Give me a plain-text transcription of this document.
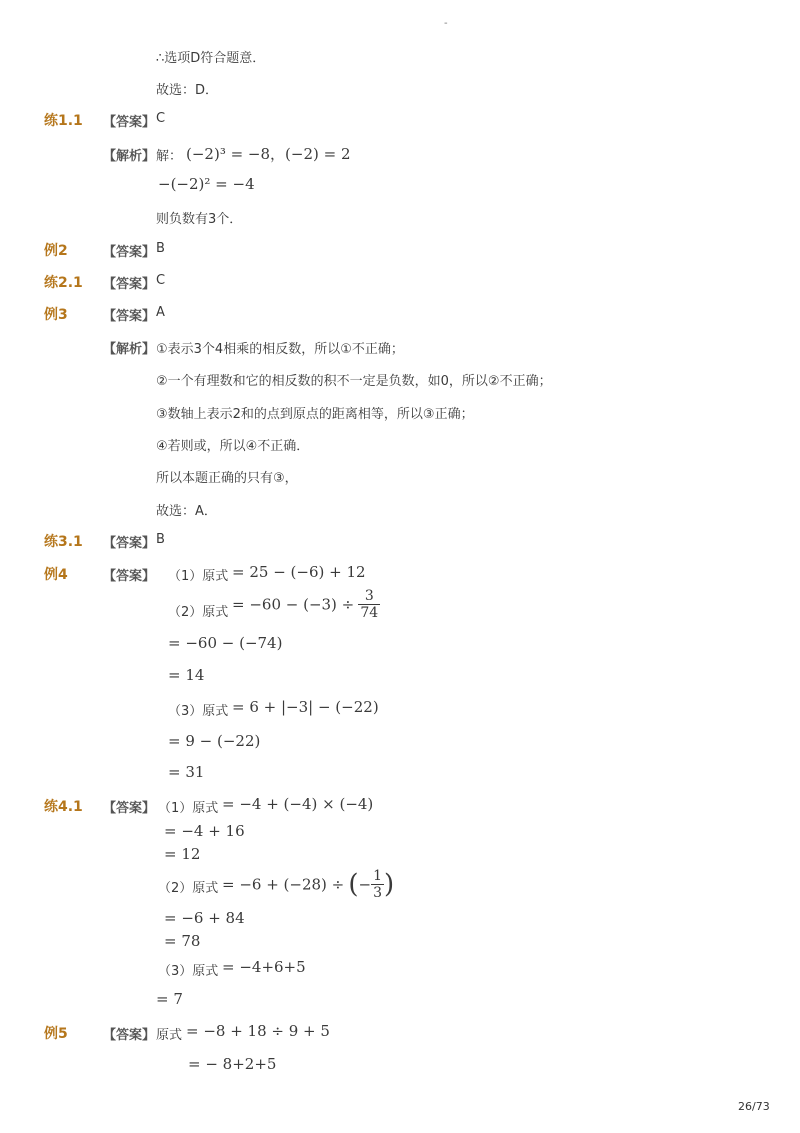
-
∴选项D符合题意．
故选：D．
练1.1 【答案】 C
【解析】 解： (−2)³ = −8，(−2) = 2
−(−2)² = −4
则负数有3个．
例2	【答案】 B
练2.1 【答案】 C
例3	【答案】 A
【解析】 ①表示3个4相乘的相反数，所以①不正确；
②一个有理数和它的相反数的积不一定是负数，如0，所以②不正确；
③数轴上表示2和的点到原点的距离相等，所以③正确；
④若则或，所以④不正确．
所以本题正确的只有③，
故选：A．
练3.1 【答案】 B
例4	【答案】 （1）原式 = 25 − (−6) + 12
（2）原式 = $-60 - (-3) \div \frac{3}{74}$
= −60 − (−74)
= 14
（3）原式 = 6 + |−3| − (−22)
= 9 − (−22)
= 31
练4.1 【答案】 （1）原式 = −4 + (−4) × (−4)
= −4 + 16
= 12
（2）原式 = −6 + (−28) ÷ (− $\frac{1}{3}$ )
= −6 + 84
= 78
（3）原式 = −4+6+5
= 7
例5	【答案】 原式 = −8 + 18 ÷ 9 + 5
= − 8+2+5
26/73
